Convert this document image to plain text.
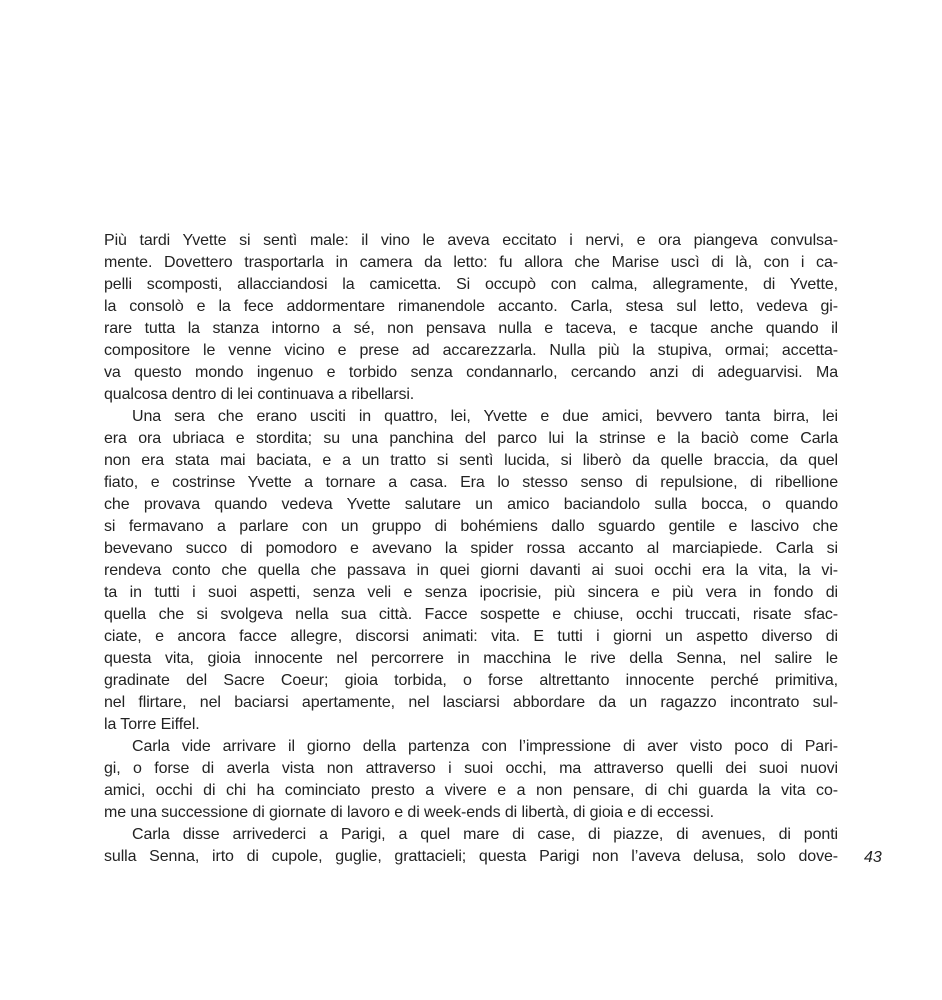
Più tardi Yvette si sentì male: il vino le aveva eccitato i nervi, e ora piangeva convulsa-
mente. Dovettero trasportarla in camera da letto: fu allora che Marise uscì di là, con i ca-
pelli scomposti, allacciandosi la camicetta. Si occupò con calma, allegramente, di Yvette,
la consolò e la fece addormentare rimanendole accanto. Carla, stesa sul letto, vedeva gi-
rare tutta la stanza intorno a sé, non pensava nulla e taceva, e tacque anche quando il
compositore le venne vicino e prese ad accarezzarla. Nulla più la stupiva, ormai; accetta-
va questo mondo ingenuo e torbido senza condannarlo, cercando anzi di adeguarvisi. Ma
qualcosa dentro di lei continuava a ribellarsi.
Una sera che erano usciti in quattro, lei, Yvette e due amici, bevvero tanta birra, lei
era ora ubriaca e stordita; su una panchina del parco lui la strinse e la baciò come Carla
non era stata mai baciata, e a un tratto si sentì lucida, si liberò da quelle braccia, da quel
fiato, e costrinse Yvette a tornare a casa. Era lo stesso senso di repulsione, di ribellione
che provava quando vedeva Yvette salutare un amico baciandolo sulla bocca, o quando
si fermavano a parlare con un gruppo di bohémiens dallo sguardo gentile e lascivo che
bevevano succo di pomodoro e avevano la spider rossa accanto al marciapiede. Carla si
rendeva conto che quella che passava in quei giorni davanti ai suoi occhi era la vita, la vi-
ta in tutti i suoi aspetti, senza veli e senza ipocrisie, più sincera e più vera in fondo di
quella che si svolgeva nella sua città. Facce sospette e chiuse, occhi truccati, risate sfac-
ciate, e ancora facce allegre, discorsi animati: vita. E tutti i giorni un aspetto diverso di
questa vita, gioia innocente nel percorrere in macchina le rive della Senna, nel salire le
gradinate del Sacre Coeur; gioia torbida, o forse altrettanto innocente perché primitiva,
nel flirtare, nel baciarsi apertamente, nel lasciarsi abbordare da un ragazzo incontrato sul-
la Torre Eiffel.
Carla vide arrivare il giorno della partenza con l’impressione di aver visto poco di Pari-
gi, o forse di averla vista non attraverso i suoi occhi, ma attraverso quelli dei suoi nuovi
amici, occhi di chi ha cominciato presto a vivere e a non pensare, di chi guarda la vita co-
me una successione di giornate di lavoro e di week-ends di libertà, di gioia e di eccessi.
Carla disse arrivederci a Parigi, a quel mare di case, di piazze, di avenues, di ponti
sulla Senna, irto di cupole, guglie, grattacieli; questa Parigi non l’aveva delusa, solo dove- 43
